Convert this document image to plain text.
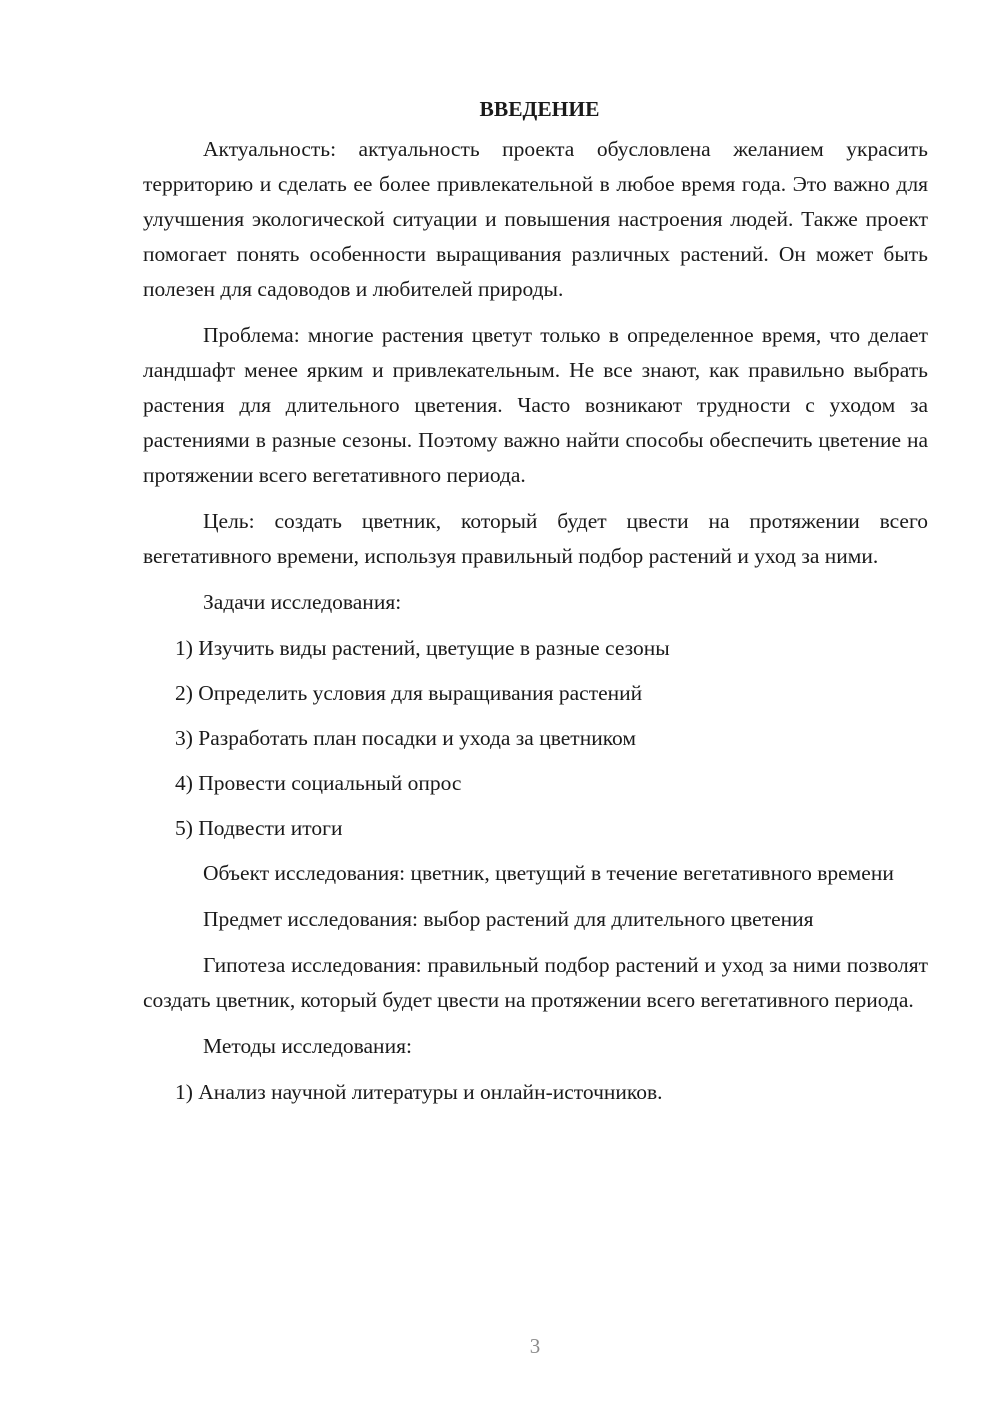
ВВЕДЕНИЕ

Актуальность: актуальность проекта обусловлена желанием украсить территорию и сделать ее более привлекательной в любое время года. Это важно для улучшения экологической ситуации и повышения настроения людей. Также проект помогает понять особенности выращивания различных растений. Он может быть полезен для садоводов и любителей природы.

Проблема: многие растения цветут только в определенное время, что делает ландшафт менее ярким и привлекательным. Не все знают, как правильно выбрать растения для длительного цветения. Часто возникают трудности с уходом за растениями в разные сезоны. Поэтому важно найти способы обеспечить цветение на протяжении всего вегетативного периода.

Цель: создать цветник, который будет цвести на протяжении всего вегетативного времени, используя правильный подбор растений и уход за ними.

Задачи исследования:

1) Изучить виды растений, цветущие в разные сезоны
2) Определить условия для выращивания растений
3) Разработать план посадки и ухода за цветником
4) Провести социальный опрос
5) Подвести итоги

Объект исследования: цветник, цветущий в течение вегетативного времени

Предмет исследования: выбор растений для длительного цветения

Гипотеза исследования: правильный подбор растений и уход за ними позволят создать цветник, который будет цвести на протяжении всего вегетативного периода.

Методы исследования:

1) Анализ научной литературы и онлайн-источников.
3
